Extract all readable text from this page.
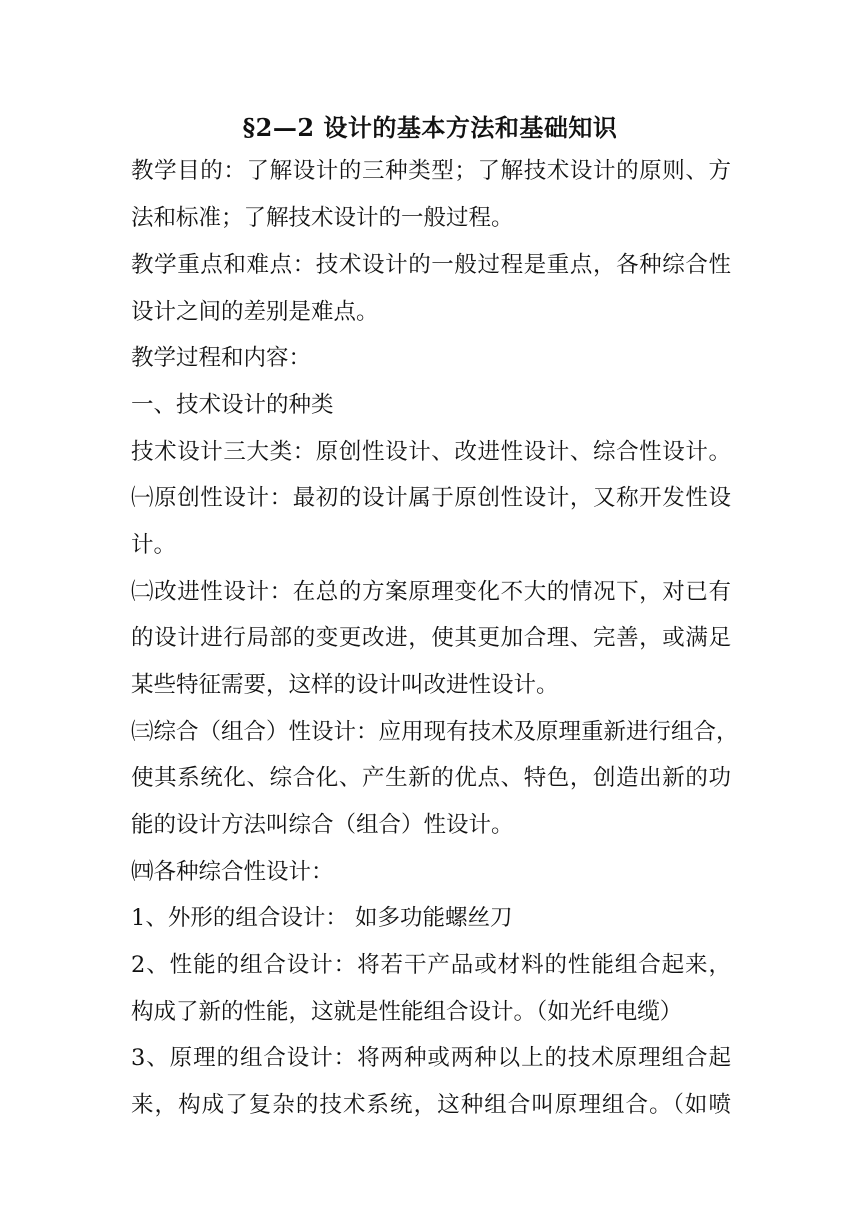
§2—2 设计的基本方法和基础知识
教学目的：了解设计的三种类型；了解技术设计的原则、方
法和标准；了解技术设计的一般过程。
教学重点和难点：技术设计的一般过程是重点，各种综合性
设计之间的差别是难点。
教学过程和内容：
一、技术设计的种类
技术设计三大类：原创性设计、改进性设计、综合性设计。
㈠原创性设计：最初的设计属于原创性设计，又称开发性设
计。
㈡改进性设计：在总的方案原理变化不大的情况下，对已有
的设计进行局部的变更改进，使其更加合理、完善，或满足
某些特征需要，这样的设计叫改进性设计。
㈢综合（组合）性设计：应用现有技术及原理重新进行组合，
使其系统化、综合化、产生新的优点、特色，创造出新的功
能的设计方法叫综合（组合）性设计。
㈣各种综合性设计：
1、外形的组合设计： 如多功能螺丝刀
2、性能的组合设计：将若干产品或材料的性能组合起来，
构成了新的性能，这就是性能组合设计。（如光纤电缆）
3、原理的组合设计：将两种或两种以上的技术原理组合起
来，构成了复杂的技术系统，这种组合叫原理组合。（如喷
